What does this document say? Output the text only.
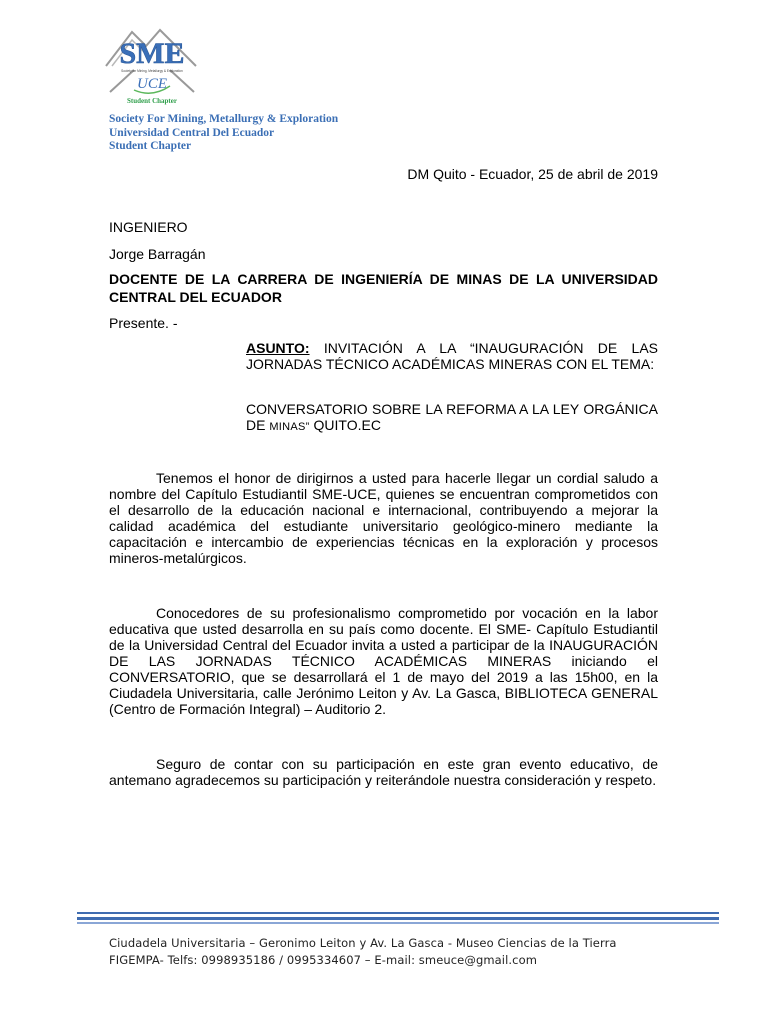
SME
Society for Mining, Metallurgy & Exploration
UCE
Student Chapter
Society For Mining, Metallurgy & Exploration
Universidad Central Del Ecuador
Student Chapter
DM Quito - Ecuador, 25 de abril de 2019
INGENIERO
Jorge Barragán
DOCENTE DE LA CARRERA DE INGENIERÍA DE MINAS DE LA UNIVERSIDAD CENTRAL DEL ECUADOR
Presente. -
ASUNTO: INVITACIÓN A LA “INAUGURACIÓN DE LAS JORNADAS TÉCNICO ACADÉMICAS MINERAS CON EL TEMA:
CONVERSATORIO SOBRE LA REFORMA A LA LEY ORGÁNICA DE MINAS” QUITO.EC
Tenemos el honor de dirigirnos a usted para hacerle llegar un cordial saludo a nombre del Capítulo Estudiantil SME-UCE, quienes se encuentran comprometidos con el desarrollo de la educación nacional e internacional, contribuyendo a mejorar la calidad académica del estudiante universitario geológico-minero mediante la capacitación e intercambio de experiencias técnicas en la exploración y procesos mineros-metalúrgicos.
Conocedores de su profesionalismo comprometido por vocación en la labor educativa que usted desarrolla en su país como docente. El SME- Capítulo Estudiantil de la Universidad Central del Ecuador invita a usted a participar de la INAUGURACIÓN DE LAS JORNADAS TÉCNICO ACADÉMICAS MINERAS iniciando el CONVERSATORIO, que se desarrollará el 1 de mayo del 2019 a las 15h00, en la Ciudadela Universitaria, calle Jerónimo Leiton y Av. La Gasca, BIBLIOTECA GENERAL (Centro de Formación Integral) – Auditorio 2.
Seguro de contar con su participación en este gran evento educativo, de antemano agradecemos su participación y reiterándole nuestra consideración y respeto.
Ciudadela Universitaria – Geronimo Leiton y Av. La Gasca - Museo Ciencias de la Tierra
FIGEMPA- Telfs: 0998935186 / 0995334607 – E-mail: smeuce@gmail.com
